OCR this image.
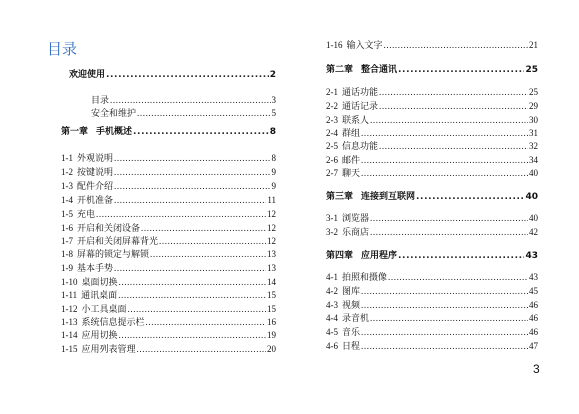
目录
欢迎使用 .....	2
目录 .....	3
安全和维护 .....	5
第一章 手机概述 .....	8
1-1 外观说明 .....	8
1-2 按键说明 .....	9
1-3 配件介绍 .....	9
1-4 开机准备 .....	11
1-5 充电 .....	12
1-6 开启和关闭设备 .....	12
1-7 开启和关闭屏幕背光 .....	12
1-8 屏幕的锁定与解锁 .....	13
1-9 基本手势 .....	13
1-10 桌面切换 .....	14
1-11 通讯桌面 .....	15
1-12 小工具桌面 .....	15
1-13 系统信息提示栏 .....	16
1-14 应用切换 .....	19
1-15 应用列表管理 .....	20
1-16 输入文字 .....	21
第二章 整合通讯 .....	25
2-1 通话功能 .....	25
2-2 通话记录 .....	29
2-3 联系人 .....	30
2-4 群组 .....	31
2-5 信息功能 .....	32
2-6 邮件 .....	34
2-7 聊天 .....	40
第三章 连接到互联网 .....	40
3-1 浏览器 .....	40
3-2 乐商店 .....	42
第四章 应用程序 .....	43
4-1 拍照和摄像 .....	43
4-2 图库 .....	45
4-3 视频 .....	46
4-4 录音机 .....	46
4-5 音乐 .....	46
4-6 日程 .....	47
3
